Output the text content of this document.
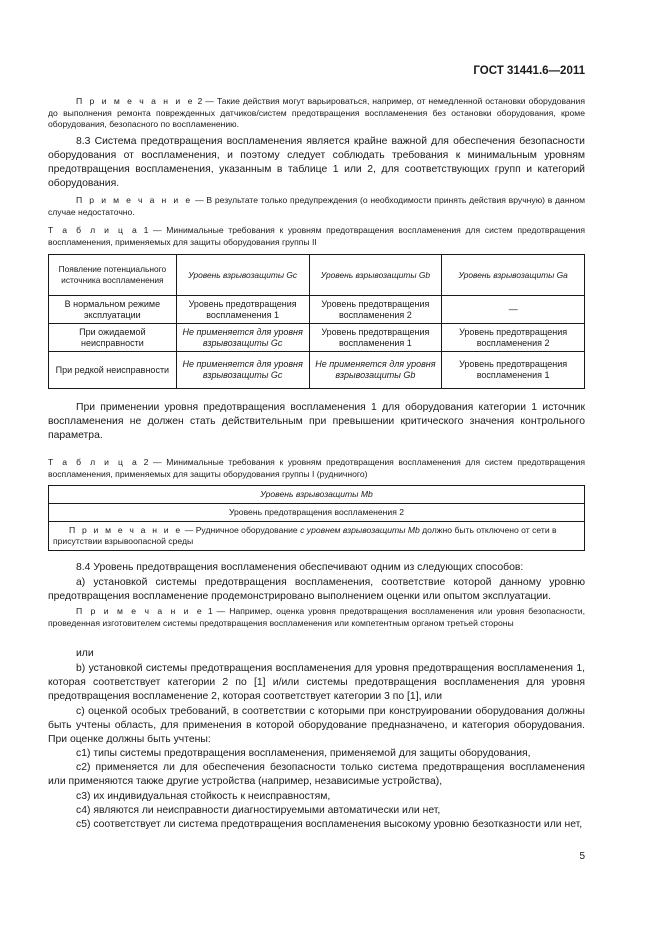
ГОСТ 31441.6—2011

П р и м е ч а н и е 2 — Такие действия могут варьироваться, например, от немедленной остановки оборудования до выполнения ремонта поврежденных датчиков/систем предотвращения воспламенения без остановки оборудования, кроме оборудования, безопасного по воспламенению.

8.3 Система предотвращения воспламенения является крайне важной для обеспечения безопасности оборудования от воспламенения, и поэтому следует соблюдать требования к минимальным уровням предотвращения воспламенения, указанным в таблице 1 или 2, для соответствующих групп и категорий оборудования.

П р и м е ч а н и е — В результате только предупреждения (о необходимости принять действия вручную) в данном случае недостаточно.

Т а б л и ц а 1 — Минимальные требования к уровням предотвращения воспламенения для систем предотвращения воспламенения, применяемых для защиты оборудования группы II

Появление потенциального источника воспламенения	Уровень взрывозащиты Gc	Уровень взрывозащиты Gb	Уровень взрывозащиты Ga
В нормальном режиме эксплуатации	Уровень предотвращения воспламенения 1	Уровень предотвращения воспламенения 2	—
При ожидаемой неисправности	Не применяется для уровня взрывозащиты Gc	Уровень предотвращения воспламенения 1	Уровень предотвращения воспламенения 2
При редкой неисправности	Не применяется для уровня взрывозащиты Gc	Не применяется для уровня взрывозащиты Gb	Уровень предотвращения воспламенения 1

При применении уровня предотвращения воспламенения 1 для оборудования категории 1 источник воспламенения не должен стать действительным при превышении критического значения контрольного параметра.

Т а б л и ц а 2 — Минимальные требования к уровням предотвращения воспламенения для систем предотвращения воспламенения, применяемых для защиты оборудования группы I (рудничного)

Уровень взрывозащиты Mb
Уровень предотвращения воспламенения 2
П р и м е ч а н и е — Рудничное оборудование с уровнем взрывозащиты Mb должно быть отключено от сети в присутствии взрывоопасной среды

8.4 Уровень предотвращения воспламенения обеспечивают одним из следующих способов:

а) установкой системы предотвращения воспламенения, соответствие которой данному уровню предотвращения воспламенение продемонстрировано выполнением оценки или опытом эксплуатации.

П р и м е ч а н и е 1 — Например, оценка уровня предотвращения воспламенения или уровня безопасности, проведенная изготовителем системы предотвращения воспламенения или компетентным органом третьей стороны

или

b) установкой системы предотвращения воспламенения для уровня предотвращения воспламенения 1, которая соответствует категории 2 по [1] и/или системы предотвращения воспламенения для уровня предотвращения воспламенение 2, которая соответствует категории 3 по [1], или

с) оценкой особых требований, в соответствии с которыми при конструировании оборудования должны быть учтены область, для применения в которой оборудование предназначено, и категория оборудования. При оценке должны быть учтены:

с1) типы системы предотвращения воспламенения, применяемой для защиты оборудования,

с2) применяется ли для обеспечения безопасности только система предотвращения воспламенения или применяются также другие устройства (например, независимые устройства),

с3) их индивидуальная стойкость к неисправностям,

с4) являются ли неисправности диагностируемыми автоматически или нет,

с5) соответствует ли система предотвращения воспламенения высокому уровню безотказности или нет,

5
